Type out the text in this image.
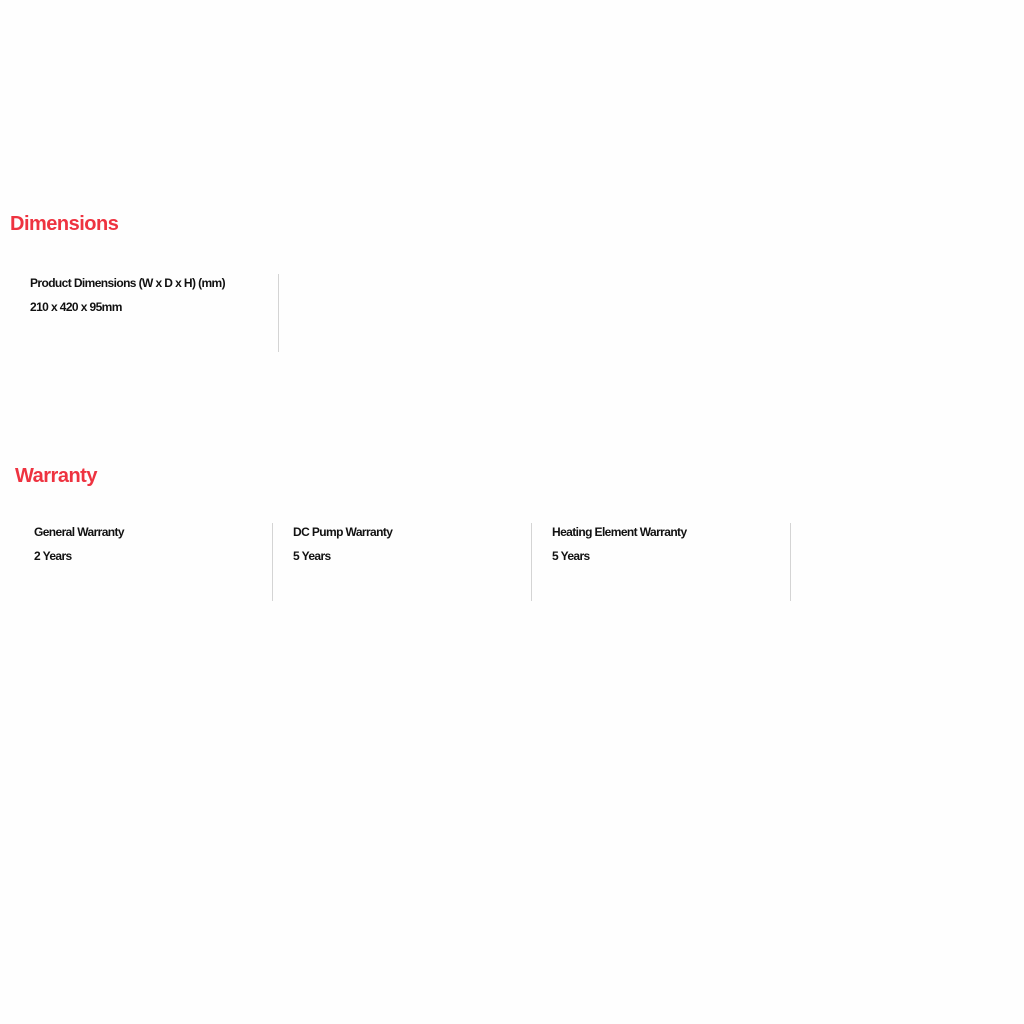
Dimensions
Product Dimensions (W x D x H) (mm)
210 x 420 x 95mm
Warranty
General Warranty
2 Years
DC Pump Warranty
5 Years
Heating Element Warranty
5 Years
